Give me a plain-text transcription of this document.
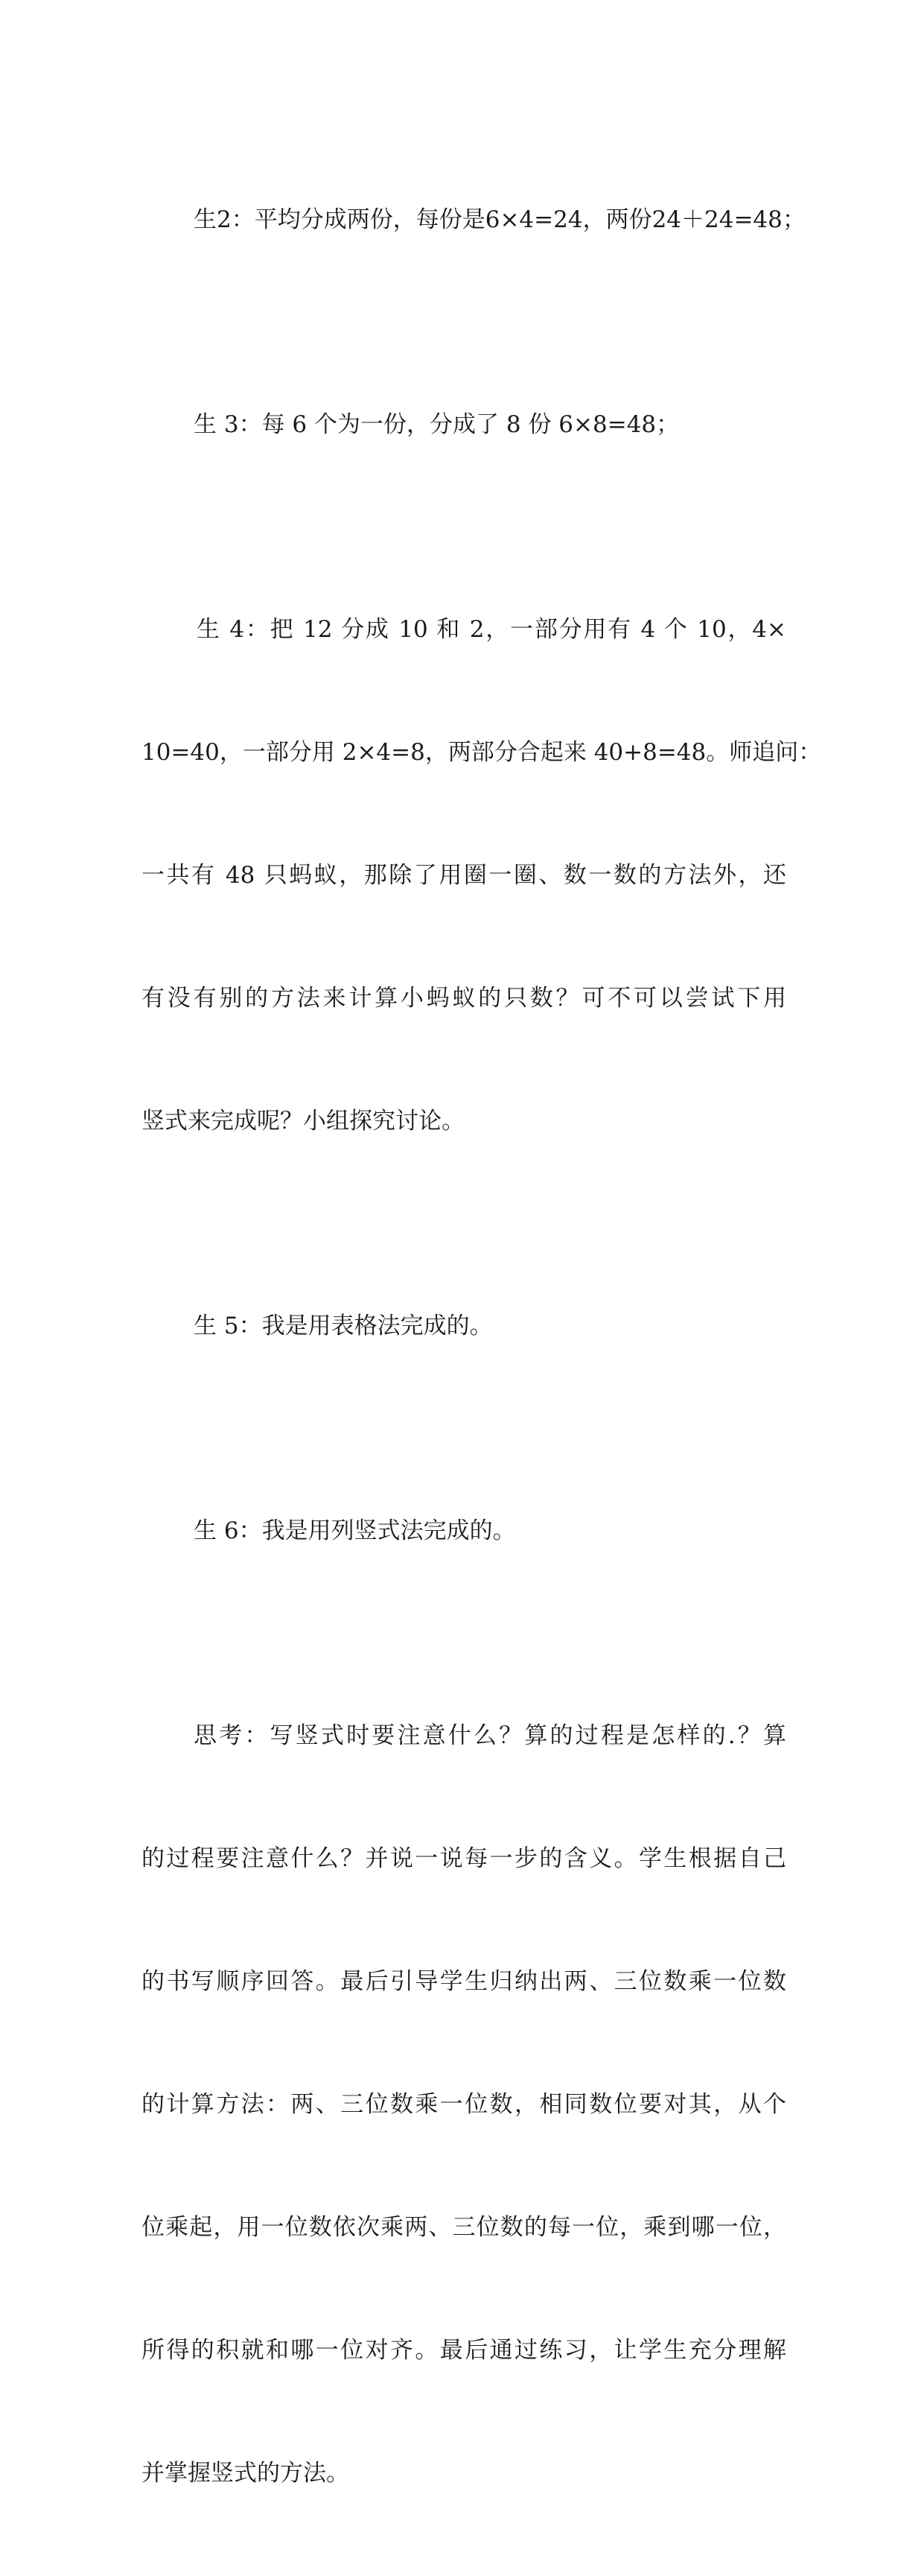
生2：平均分成两份，每份是6×4=24，两份24＋24=48；

生 3：每 6 个为一份，分成了 8 份 6×8=48；

生 4：把 12 分成 10 和 2，一部分用有 4 个 10，4×

10=40，一部分用 2×4=8，两部分合起来 40+8=48。师追问：

一共有 48 只蚂蚁，那除了用圈一圈、数一数的方法外，还

有没有别的方法来计算小蚂蚁的只数？可不可以尝试下用

竖式来完成呢？小组探究讨论。

生 5：我是用表格法完成的。

生 6：我是用列竖式法完成的。

思考：写竖式时要注意什么？算的过程是怎样的.？算

的过程要注意什么？并说一说每一步的含义。学生根据自己

的书写顺序回答。最后引导学生归纳出两、三位数乘一位数

的计算方法：两、三位数乘一位数，相同数位要对其，从个

位乘起，用一位数依次乘两、三位数的每一位，乘到哪一位，

所得的积就和哪一位对齐。最后通过练习，让学生充分理解

并掌握竖式的方法。
